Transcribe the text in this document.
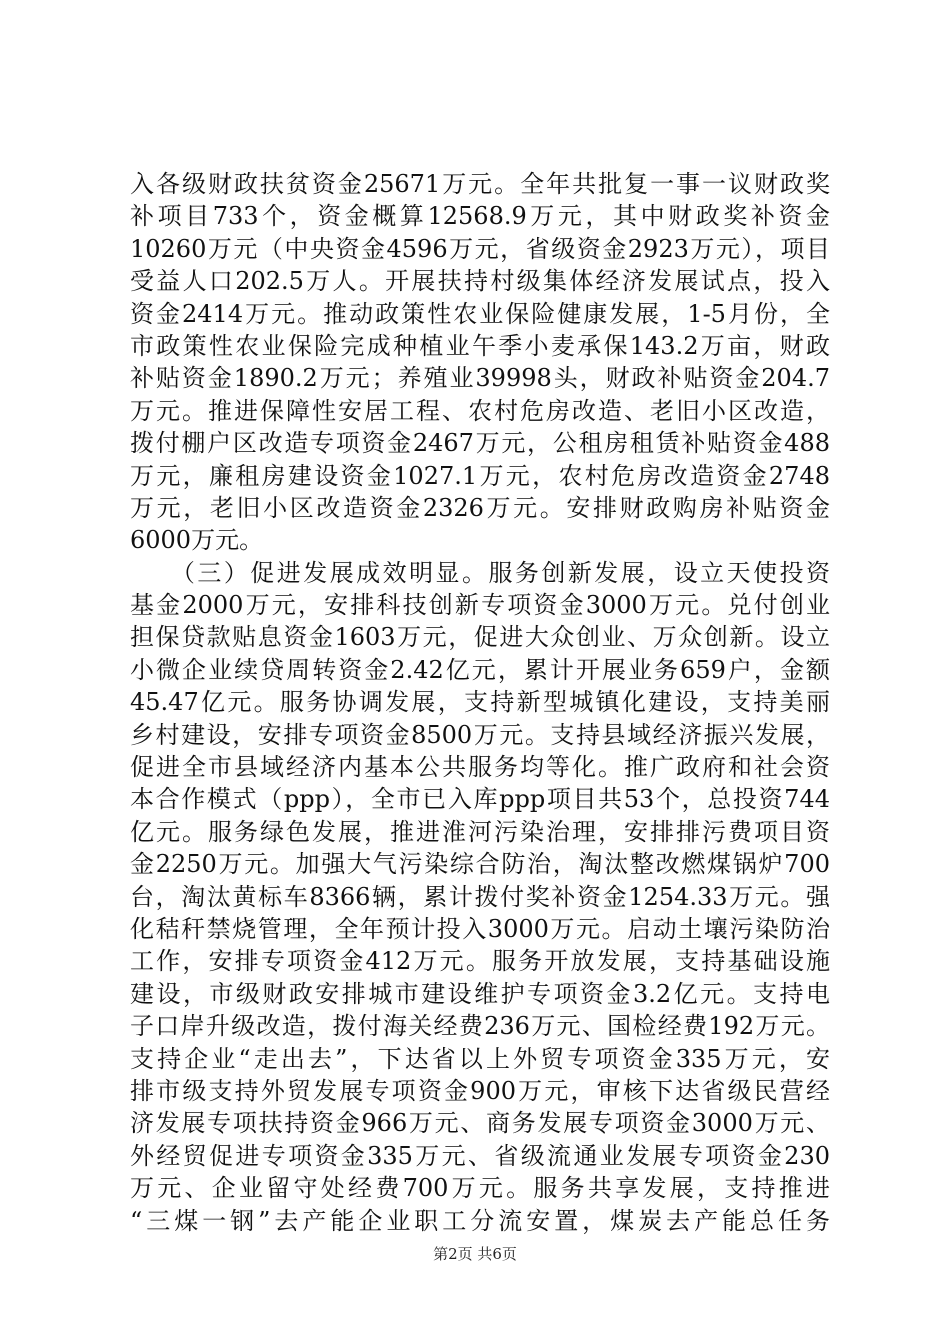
入各级财政扶贫资金25671万元。全年共批复一事一议财政奖
补项目733个，资金概算12568.9万元，其中财政奖补资金
10260万元（中央资金4596万元，省级资金2923万元），项目
受益人口202.5万人。开展扶持村级集体经济发展试点，投入
资金2414万元。推动政策性农业保险健康发展，1-5月份，全
市政策性农业保险完成种植业午季小麦承保143.2万亩，财政
补贴资金1890.2万元；养殖业39998头，财政补贴资金204.7
万元。推进保障性安居工程、农村危房改造、老旧小区改造，
拨付棚户区改造专项资金2467万元，公租房租赁补贴资金488
万元，廉租房建设资金1027.1万元，农村危房改造资金2748
万元，老旧小区改造资金2326万元。安排财政购房补贴资金
6000万元。
　　（三）促进发展成效明显。服务创新发展，设立天使投资
基金2000万元，安排科技创新专项资金3000万元。兑付创业
担保贷款贴息资金1603万元，促进大众创业、万众创新。设立
小微企业续贷周转资金2.42亿元，累计开展业务659户，金额
45.47亿元。服务协调发展，支持新型城镇化建设，支持美丽
乡村建设，安排专项资金8500万元。支持县域经济振兴发展，
促进全市县域经济内基本公共服务均等化。推广政府和社会资
本合作模式（ppp），全市已入库ppp项目共53个，总投资744
亿元。服务绿色发展，推进淮河污染治理，安排排污费项目资
金2250万元。加强大气污染综合防治，淘汰整改燃煤锅炉700
台，淘汰黄标车8366辆，累计拨付奖补资金1254.33万元。强
化秸秆禁烧管理，全年预计投入3000万元。启动土壤污染防治
工作，安排专项资金412万元。服务开放发展，支持基础设施
建设，市级财政安排城市建设维护专项资金3.2亿元。支持电
子口岸升级改造，拨付海关经费236万元、国检经费192万元。
支持企业“走出去”，下达省以上外贸专项资金335万元，安
排市级支持外贸发展专项资金900万元，审核下达省级民营经
济发展专项扶持资金966万元、商务发展专项资金3000万元、
外经贸促进专项资金335万元、省级流通业发展专项资金230
万元、企业留守处经费700万元。服务共享发展，支持推进
“三煤一钢”去产能企业职工分流安置，煤炭去产能总任务
第2页 共6页
